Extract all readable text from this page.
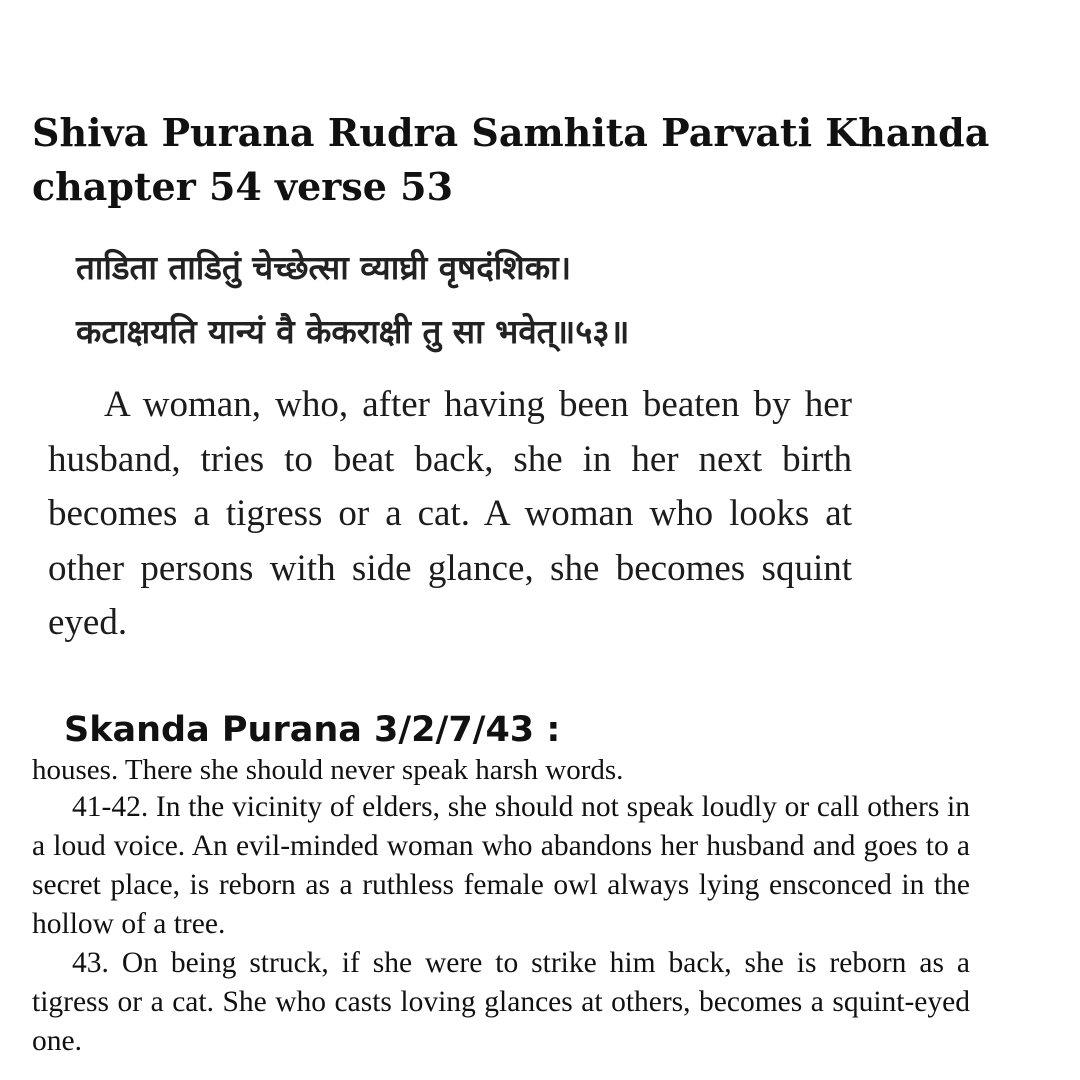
Shiva Purana Rudra Samhita Parvati Khanda chapter 54 verse 53
ताडिता ताडितुं चेच्छेत्सा व्याघ्री वृषदंशिका।
कटाक्षयति यान्यं वै केकराक्षी तु सा भवेत्॥५३॥

A woman, who, after having been beaten by her husband, tries to beat back, she in her next birth becomes a tigress or a cat. A woman who looks at other persons with side glance, she becomes squint eyed.

Skanda Purana 3/2/7/43 :
houses. There she should never speak harsh words.

41-42. In the vicinity of elders, she should not speak loudly or call others in a loud voice. An evil-minded woman who abandons her husband and goes to a secret place, is reborn as a ruthless female owl always lying ensconced in the hollow of a tree.

43. On being struck, if she were to strike him back, she is reborn as a tigress or a cat. She who casts loving glances at others, becomes a squint-eyed one.
